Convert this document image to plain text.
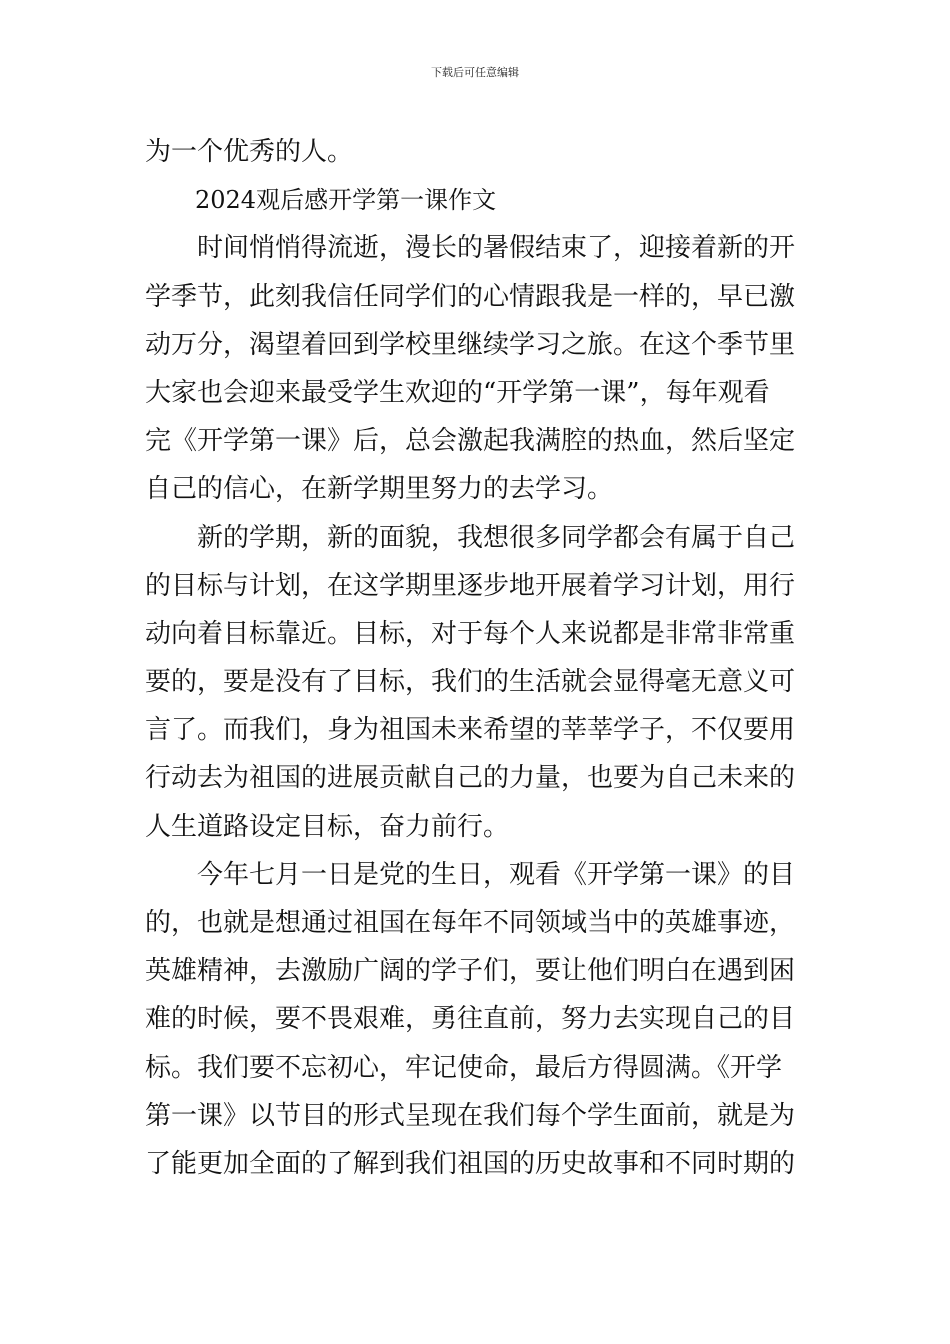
下载后可任意编辑
为一个优秀的人。
2024观后感开学第一课作文
时间悄悄得流逝，漫长的暑假结束了，迎接着新的开
学季节，此刻我信任同学们的心情跟我是一样的，早已激
动万分，渴望着回到学校里继续学习之旅。在这个季节里
大家也会迎来最受学生欢迎的“开学第一课”，每年观看
完《开学第一课》后，总会激起我满腔的热血，然后坚定
自己的信心，在新学期里努力的去学习。
新的学期，新的面貌，我想很多同学都会有属于自己
的目标与计划，在这学期里逐步地开展着学习计划，用行
动向着目标靠近。目标，对于每个人来说都是非常非常重
要的，要是没有了目标，我们的生活就会显得毫无意义可
言了。而我们，身为祖国未来希望的莘莘学子，不仅要用
行动去为祖国的进展贡献自己的力量，也要为自己未来的
人生道路设定目标，奋力前行。
今年七月一日是党的生日，观看《开学第一课》的目
的，也就是想通过祖国在每年不同领域当中的英雄事迹，
英雄精神，去激励广阔的学子们，要让他们明白在遇到困
难的时候，要不畏艰难，勇往直前，努力去实现自己的目
标。我们要不忘初心，牢记使命，最后方得圆满。《开学
第一课》以节目的形式呈现在我们每个学生面前，就是为
了能更加全面的了解到我们祖国的历史故事和不同时期的
